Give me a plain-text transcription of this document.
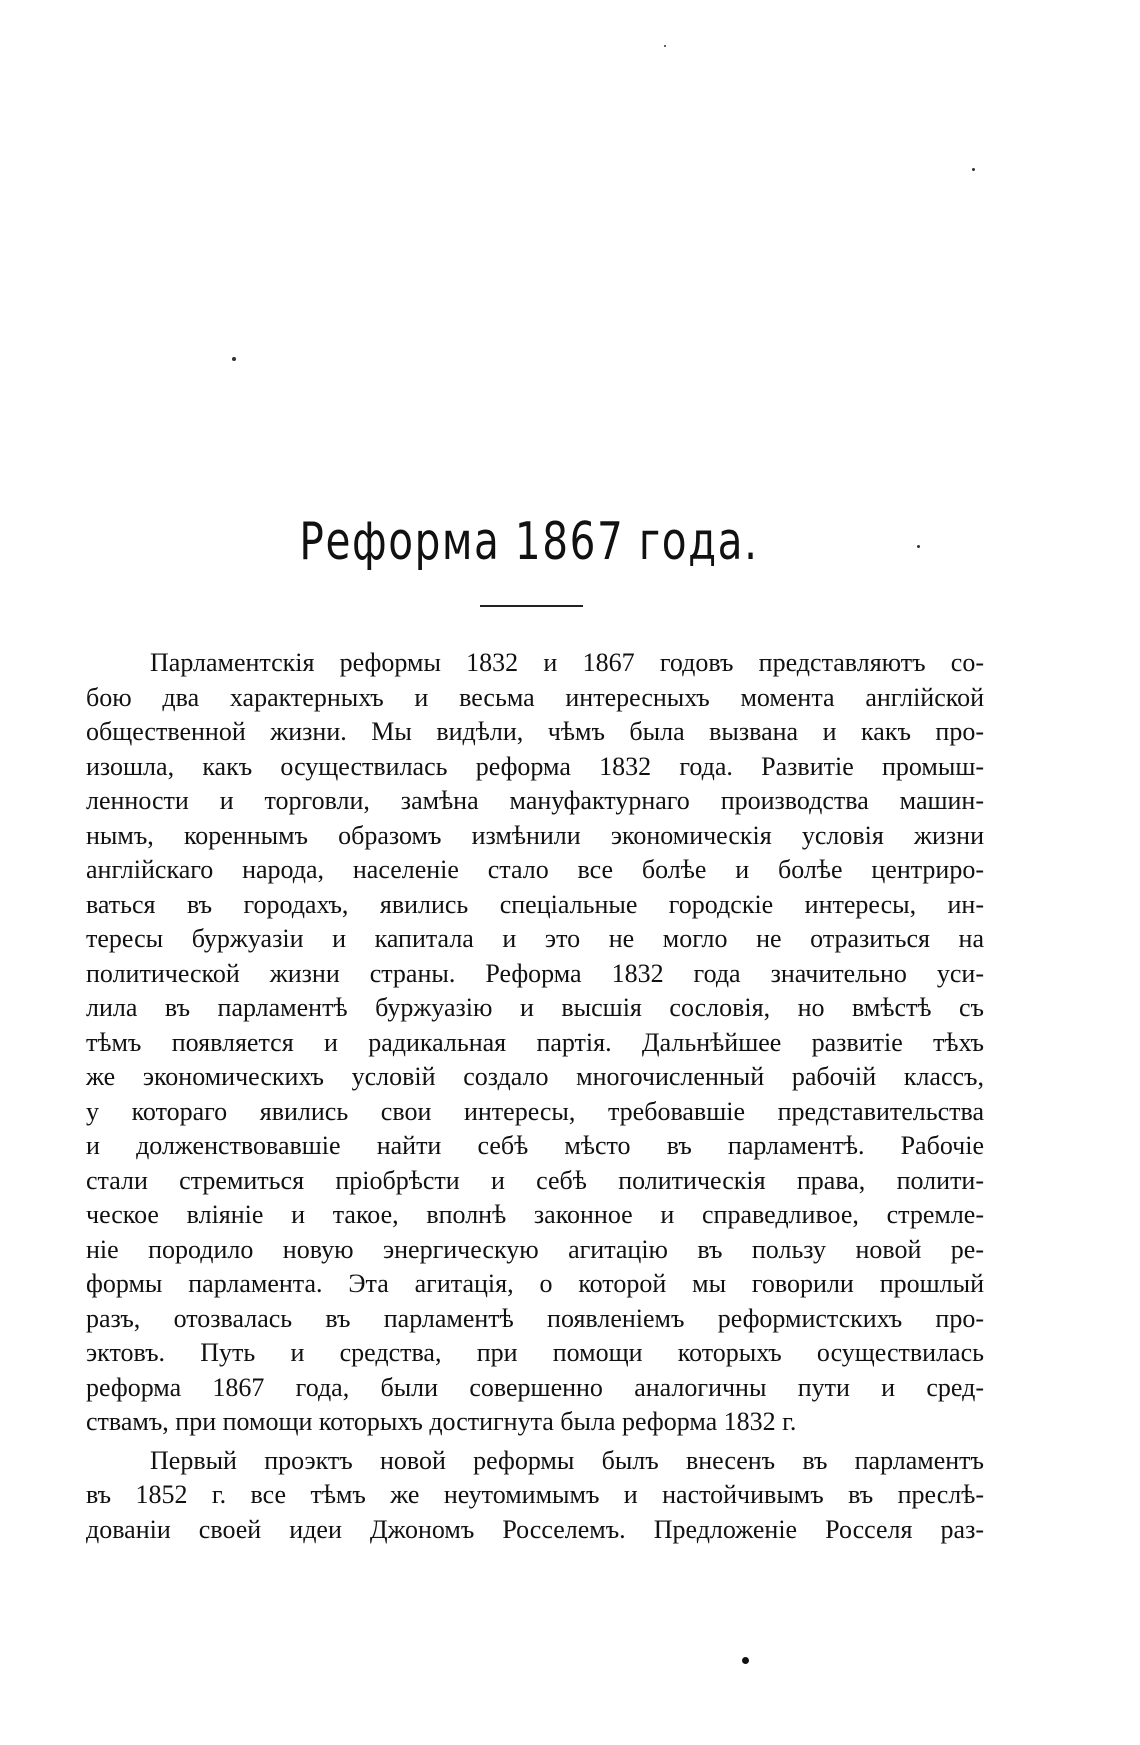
Реформа 1867 года.
Парламентскія реформы 1832 и 1867 годовъ представляютъ со-
бою два характерныхъ и весьма интересныхъ момента англійской
общественной жизни. Мы видѣли, чѣмъ была вызвана и какъ про-
изошла, какъ осуществилась реформа 1832 года. Развитіе промыш-
ленности и торговли, замѣна мануфактурнаго производства машин-
нымъ, кореннымъ образомъ измѣнили экономическія условія жизни
англійскаго народа, населеніе стало все болѣе и болѣе центриро-
ваться въ городахъ, явились спеціальные городскіе интересы, ин-
тересы буржуазіи и капитала и это не могло не отразиться на
политической жизни страны. Реформа 1832 года значительно уси-
лила въ парламентѣ буржуазію и высшія сословія, но вмѣстѣ съ
тѣмъ появляется и радикальная партія. Дальнѣйшее развитіе тѣхъ
же экономическихъ условій создало многочисленный рабочій классъ,
у котораго явились свои интересы, требовавшіе представительства
и долженствовавшіе найти себѣ мѣсто въ парламентѣ. Рабочіе
стали стремиться пріобрѣсти и себѣ политическія права, полити-
ческое вліяніе и такое, вполнѣ законное и справедливое, стремле-
ніе породило новую энергическую агитацію въ пользу новой ре-
формы парламента. Эта агитація, о которой мы говорили прошлый
разъ, отозвалась въ парламентѣ появленіемъ реформистскихъ про-
эктовъ. Путь и средства, при помощи которыхъ осуществилась
реформа 1867 года, были совершенно аналогичны пути и сред-
ствамъ, при помощи которыхъ достигнута была реформа 1832 г.
Первый проэктъ новой реформы былъ внесенъ въ парламентъ
въ 1852 г. все тѣмъ же неутомимымъ и настойчивымъ въ преслѣ-
дованіи своей идеи Джономъ Росселемъ. Предложеніе Росселя раз-
